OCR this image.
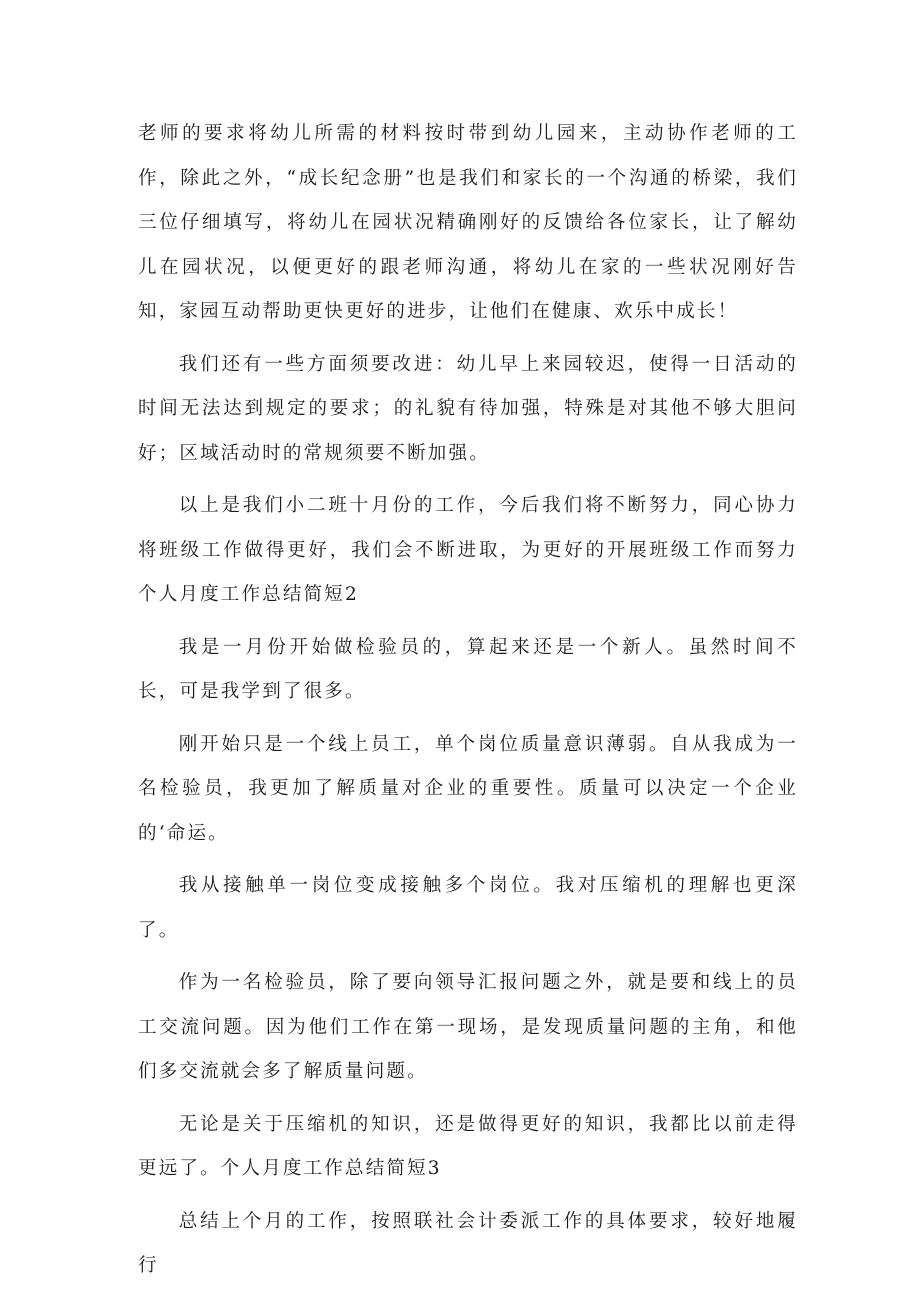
老师的要求将幼儿所需的材料按时带到幼儿园来，主动协作老师的工作，除此之外，“成长纪念册”也是我们和家长的一个沟通的桥梁，我们三位仔细填写，将幼儿在园状况精确刚好的反馈给各位家长，让了解幼儿在园状况，以便更好的跟老师沟通，将幼儿在家的一些状况刚好告知，家园互动帮助更快更好的进步，让他们在健康、欢乐中成长！

我们还有一些方面须要改进：幼儿早上来园较迟，使得一日活动的时间无法达到规定的要求；的礼貌有待加强，特殊是对其他不够大胆问好；区域活动时的常规须要不断加强。

以上是我们小二班十月份的工作，今后我们将不断努力，同心协力将班级工作做得更好，我们会不断进取，为更好的开展班级工作而努力个人月度工作总结简短2

我是一月份开始做检验员的，算起来还是一个新人。虽然时间不长，可是我学到了很多。

刚开始只是一个线上员工，单个岗位质量意识薄弱。自从我成为一名检验员，我更加了解质量对企业的重要性。质量可以决定一个企业的‘命运。

我从接触单一岗位变成接触多个岗位。我对压缩机的理解也更深了。

作为一名检验员，除了要向领导汇报问题之外，就是要和线上的员工交流问题。因为他们工作在第一现场，是发现质量问题的主角，和他们多交流就会多了解质量问题。

无论是关于压缩机的知识，还是做得更好的知识，我都比以前走得更远了。个人月度工作总结简短3

总结上个月的工作，按照联社会计委派工作的具体要求，较好地履行
